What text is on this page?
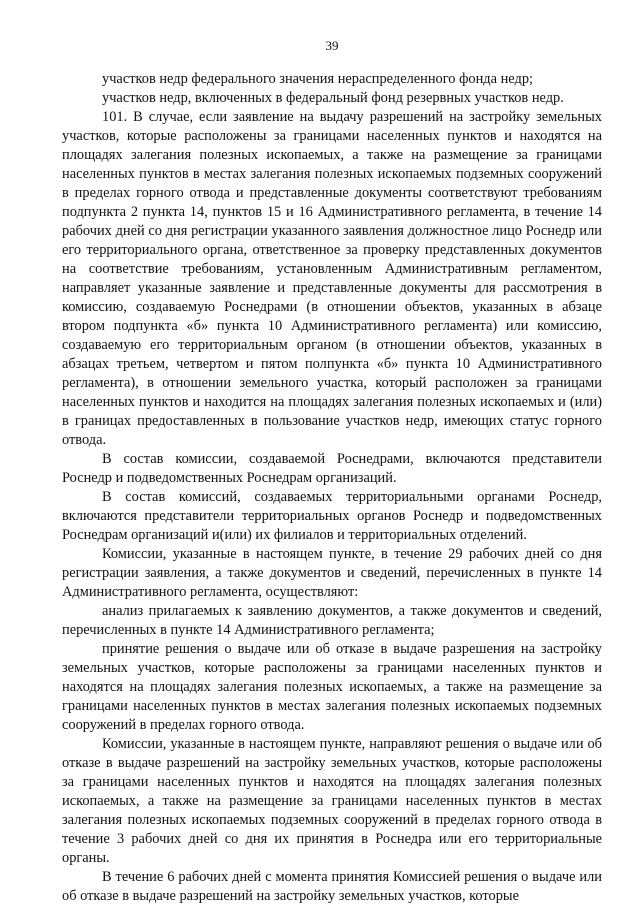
39

участков недр федерального значения нераспределенного фонда недр;

участков недр, включенных в федеральный фонд резервных участков недр.

101. В случае, если заявление на выдачу разрешений на застройку земельных участков, которые расположены за границами населенных пунктов и находятся на площадях залегания полезных ископаемых, а также на размещение за границами населенных пунктов в местах залегания полезных ископаемых подземных сооружений в пределах горного отвода и представленные документы соответствуют требованиям подпункта 2 пункта 14, пунктов 15 и 16 Административного регламента, в течение 14 рабочих дней со дня регистрации указанного заявления должностное лицо Роснедр или его территориального органа, ответственное за проверку представленных документов на соответствие требованиям, установленным Административным регламентом, направляет указанные заявление и представленные документы для рассмотрения в комиссию, создаваемую Роснедрами (в отношении объектов, указанных в абзаце втором подпункта «б» пункта 10 Административного регламента) или комиссию, создаваемую его территориальным органом (в отношении объектов, указанных в абзацах третьем, четвертом и пятом полпункта «б» пункта 10 Административного регламента), в отношении земельного участка, который расположен за границами населенных пунктов и находится на площадях залегания полезных ископаемых и (или) в границах предоставленных в пользование участков недр, имеющих статус горного отвода.

В состав комиссии, создаваемой Роснедрами, включаются представители Роснедр и подведомственных Роснедрам организаций.

В состав комиссий, создаваемых территориальными органами Роснедр, включаются представители территориальных органов Роснедр и подведомственных Роснедрам организаций и(или) их филиалов и территориальных отделений.

Комиссии, указанные в настоящем пункте, в течение 29 рабочих дней со дня регистрации заявления, а также документов и сведений, перечисленных в пункте 14 Административного регламента, осуществляют:

анализ прилагаемых к заявлению документов, а также документов и сведений, перечисленных в пункте 14 Административного регламента;

принятие решения о выдаче или об отказе в выдаче разрешения на застройку земельных участков, которые расположены за границами населенных пунктов и находятся на площадях залегания полезных ископаемых, а также на размещение за границами населенных пунктов в местах залегания полезных ископаемых подземных сооружений в пределах горного отвода.

Комиссии, указанные в настоящем пункте, направляют решения о выдаче или об отказе в выдаче разрешений на застройку земельных участков, которые расположены за границами населенных пунктов и находятся на площадях залегания полезных ископаемых, а также на размещение за границами населенных пунктов в местах залегания полезных ископаемых подземных сооружений в пределах горного отвода в течение 3 рабочих дней со дня их принятия в Роснедра или его территориальные органы.

В течение 6 рабочих дней с момента принятия Комиссией решения о выдаче или об отказе в выдаче разрешений на застройку земельных участков, которые
